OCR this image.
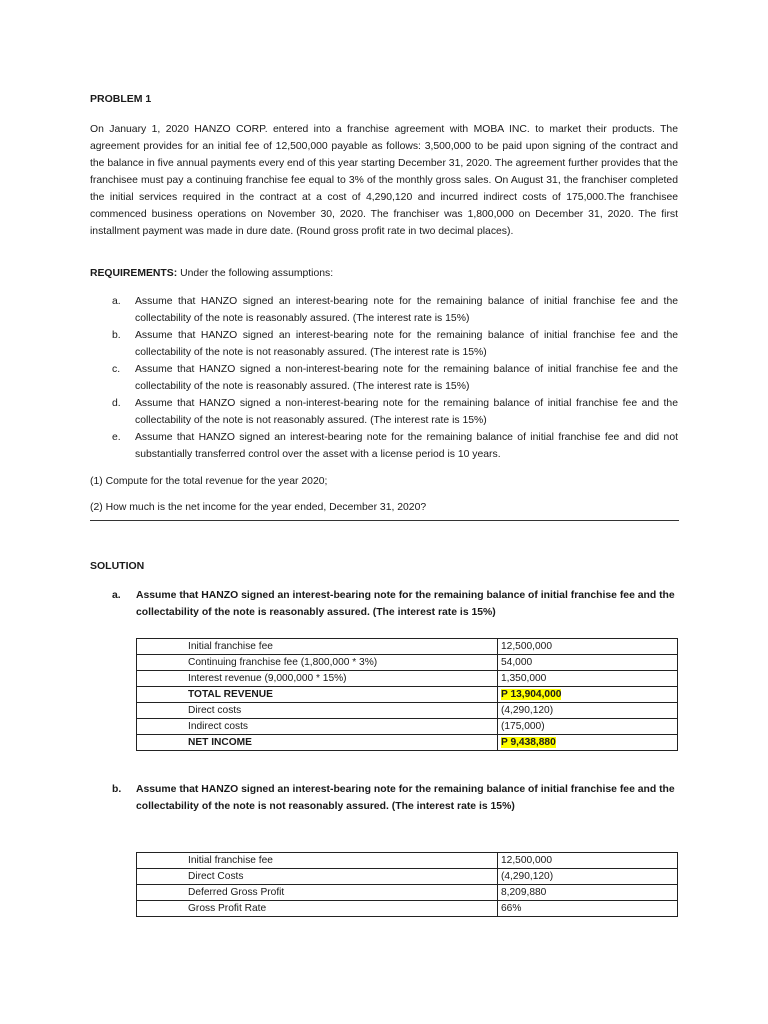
PROBLEM 1

On January 1, 2020 HANZO CORP. entered into a franchise agreement with MOBA INC. to market their products. The agreement provides for an initial fee of 12,500,000 payable as follows: 3,500,000 to be paid upon signing of the contract and the balance in five annual payments every end of this year starting December 31, 2020. The agreement further provides that the franchisee must pay a continuing franchise fee equal to 3% of the monthly gross sales. On August 31, the franchiser completed the initial services required in the contract at a cost of 4,290,120 and incurred indirect costs of 175,000.The franchisee commenced business operations on November 30, 2020. The franchiser was 1,800,000 on December 31, 2020. The first installment payment was made in dure date. (Round gross profit rate in two decimal places).

REQUIREMENTS: Under the following assumptions:

a. Assume that HANZO signed an interest-bearing note for the remaining balance of initial franchise fee and the collectability of the note is reasonably assured. (The interest rate is 15%)
b. Assume that HANZO signed an interest-bearing note for the remaining balance of initial franchise fee and the collectability of the note is not reasonably assured. (The interest rate is 15%)
c. Assume that HANZO signed a non-interest-bearing note for the remaining balance of initial franchise fee and the collectability of the note is reasonably assured. (The interest rate is 15%)
d. Assume that HANZO signed a non-interest-bearing note for the remaining balance of initial franchise fee and the collectability of the note is not reasonably assured. (The interest rate is 15%)
e. Assume that HANZO signed an interest-bearing note for the remaining balance of initial franchise fee and did not substantially transferred control over the asset with a license period is 10 years.

(1) Compute for the total revenue for the year 2020;

(2) How much is the net income for the year ended, December 31, 2020?

SOLUTION

a.	Assume that HANZO signed an interest-bearing note for the remaining balance of initial franchise fee and the collectability of the note is reasonably assured. (The interest rate is 15%)
Initial franchise fee	12,500,000
Continuing franchise fee (1,800,000 * 3%)	54,000
Interest revenue (9,000,000 * 15%)	1,350,000
TOTAL REVENUE	P 13,904,000
Direct costs	(4,290,120)
Indirect costs	(175,000)
NET INCOME	P 9,438,880
b.	Assume that HANZO signed an interest-bearing note for the remaining balance of initial franchise fee and the collectability of the note is not reasonably assured. (The interest rate is 15%)
Initial franchise fee	12,500,000
Direct Costs	(4,290,120)
Deferred Gross Profit	8,209,880
Gross Profit Rate	66%
